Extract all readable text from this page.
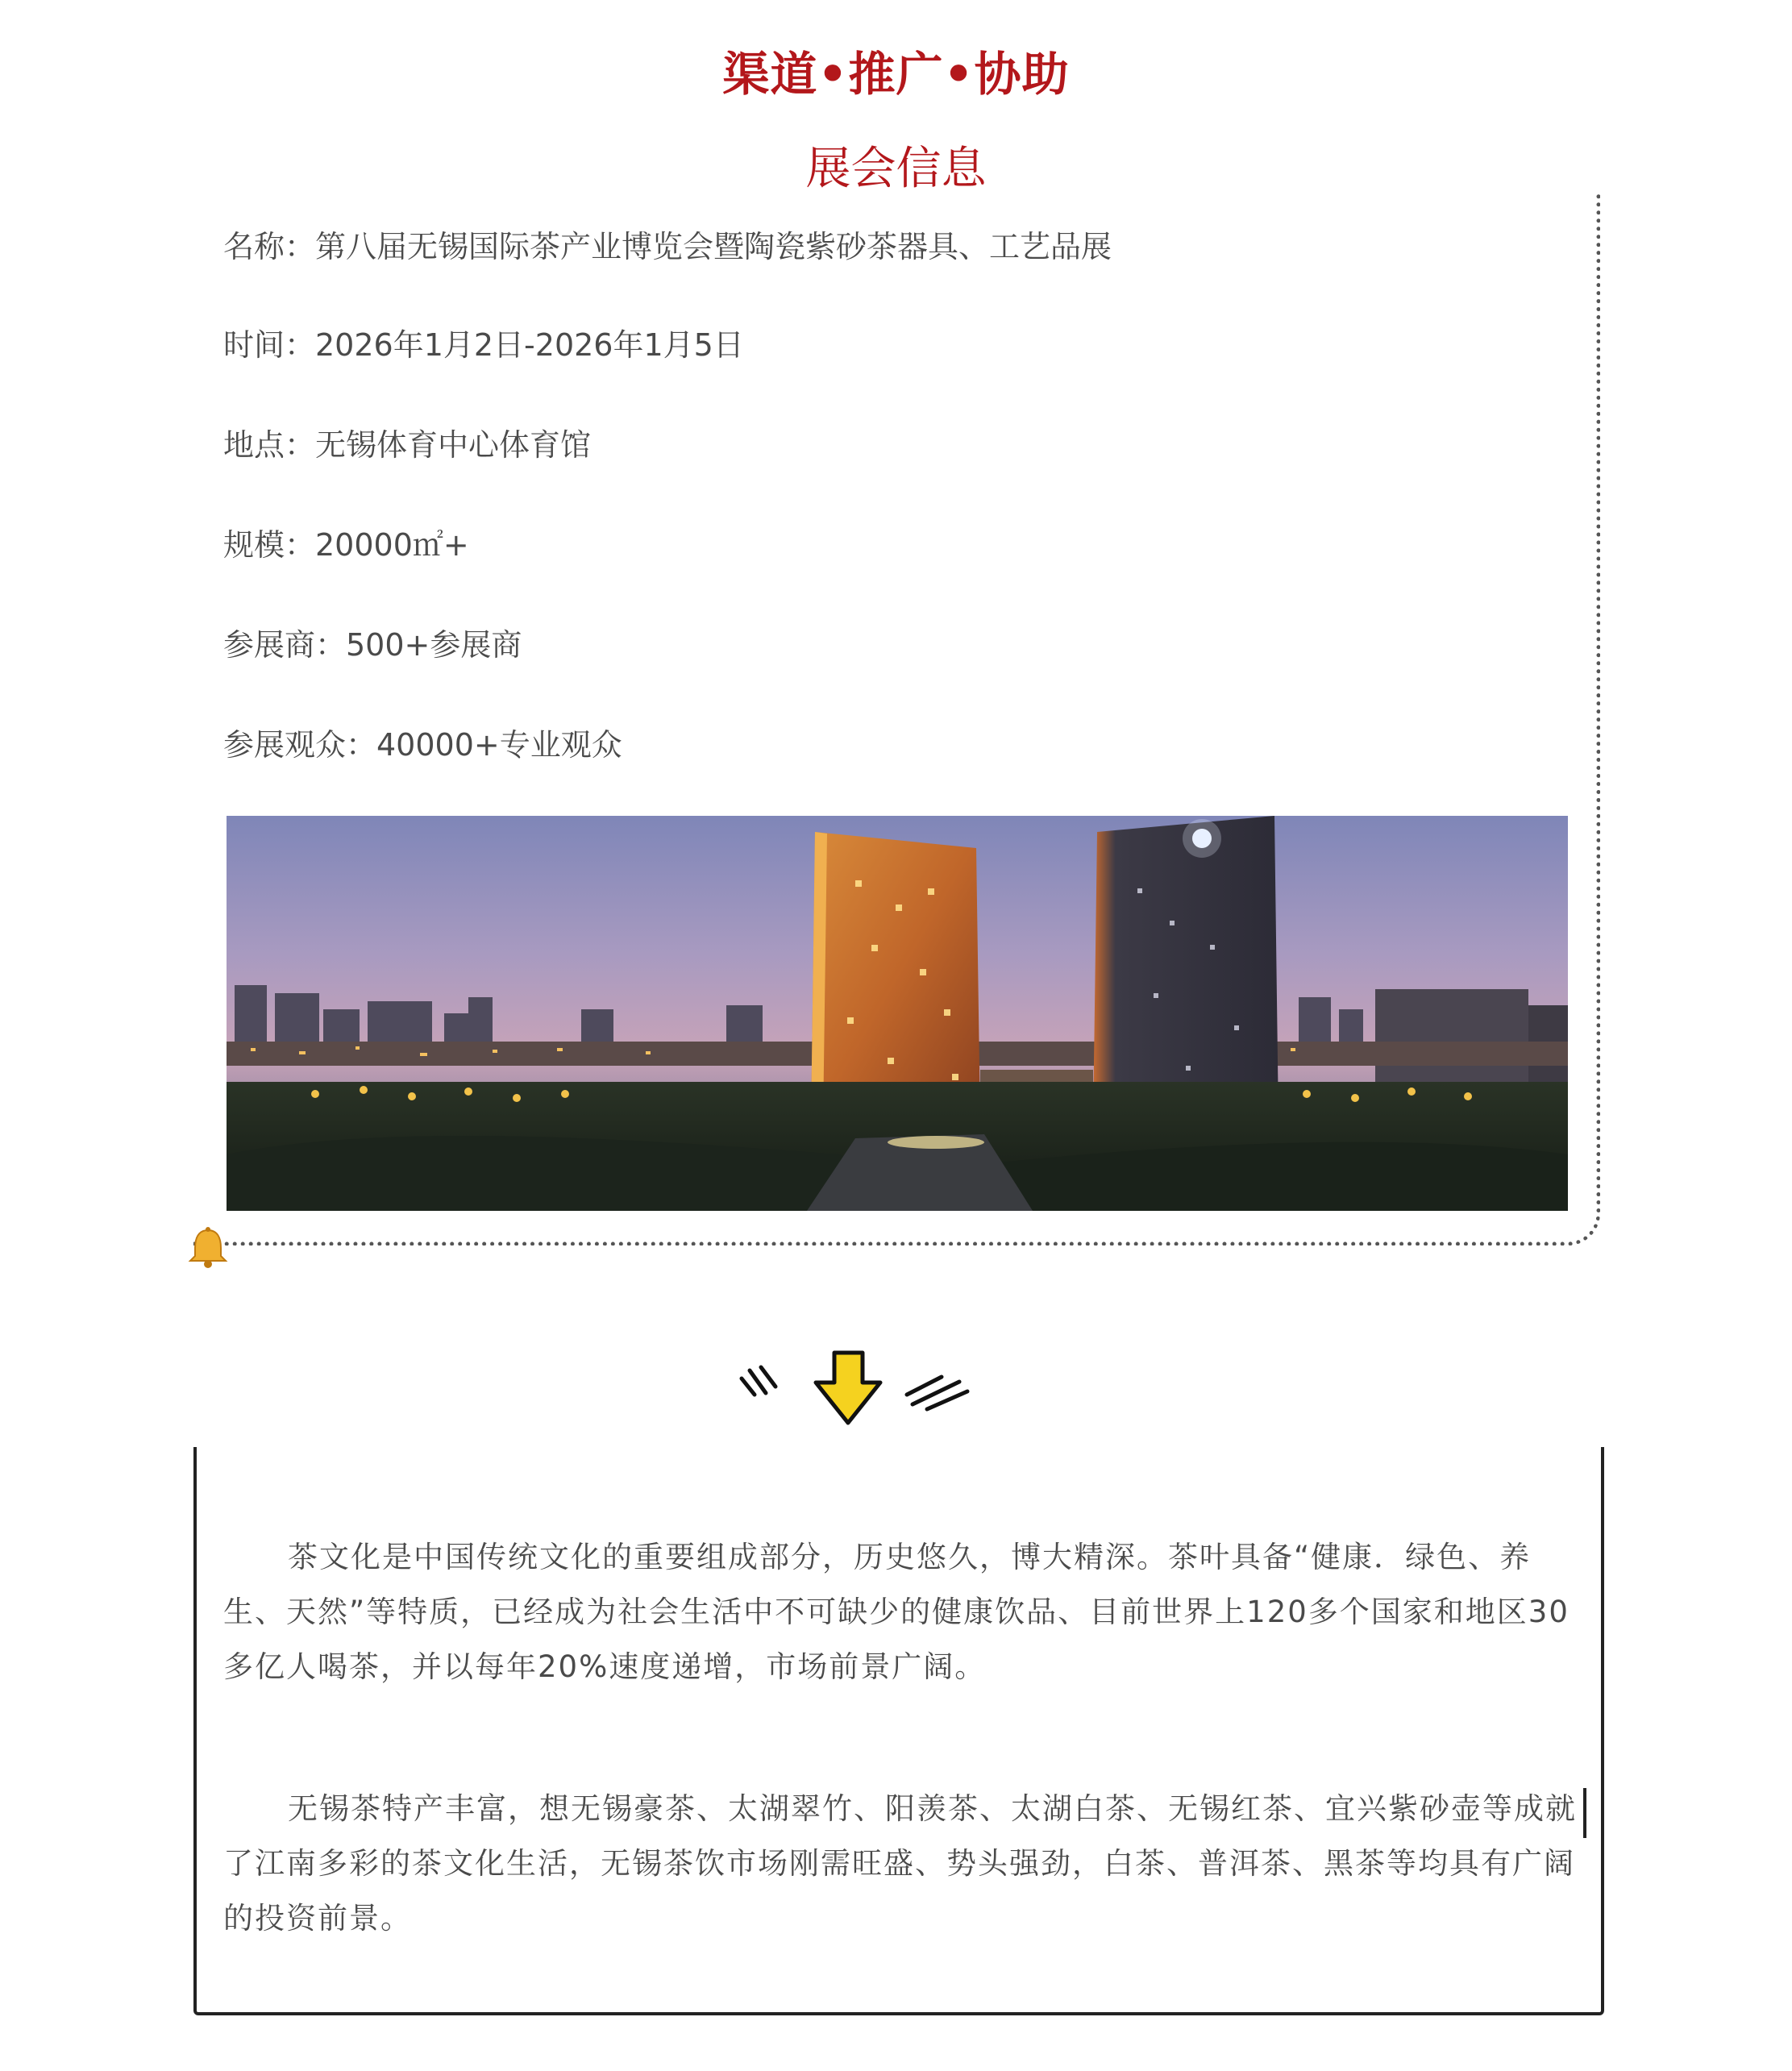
渠道•推广•协助
展会信息
名称：第八届无锡国际茶产业博览会暨陶瓷紫砂茶器具、工艺品展
时间：2026年1月2日-2026年1月5日
地点：无锡体育中心体育馆
规模：20000㎡+
参展商：500+参展商
参展观众：40000+专业观众
茶文化是中国传统文化的重要组成部分，历史悠久，博大精深。茶叶具备“健康．绿色、养生、天然”等特质，已经成为社会生活中不可缺少的健康饮品、目前世界上120多个国家和地区30多亿人喝茶，并以每年20%速度递增，市场前景广阔。
无锡茶特产丰富，想无锡豪茶、太湖翠竹、阳羡茶、太湖白茶、无锡红茶、宜兴紫砂壶等成就了江南多彩的茶文化生活，无锡茶饮市场刚需旺盛、势头强劲，白茶、普洱茶、黑茶等均具有广阔的投资前景。
